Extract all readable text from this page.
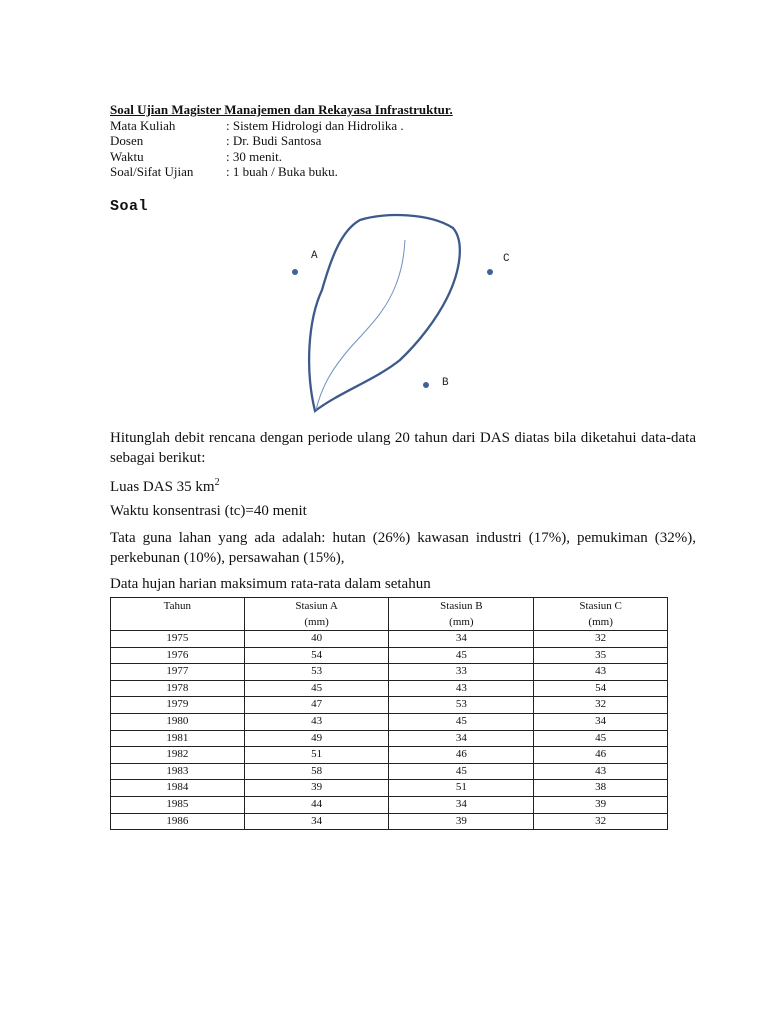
Soal Ujian Magister Manajemen dan Rekayasa Infrastruktur.
Mata Kuliah	: Sistem Hidrologi dan Hidrolika .
Dosen	: Dr. Budi Santosa
Waktu	: 30 menit.
Soal/Sifat Ujian	: 1 buah / Buka buku.
Soal
A	C
B

Hitunglah debit rencana dengan periode ulang 20 tahun dari DAS diatas bila diketahui data-data sebagai berikut:

Luas DAS 35 $km^2$

Waktu konsentrasi (tc)=40 menit

Tata guna lahan yang ada adalah: hutan (26%) kawasan industri (17%), pemukiman (32%), perkebunan (10%), persawahan (15%),

Data hujan harian maksimum rata-rata dalam setahun

Tahun	Stasiun A	Stasiun B	Stasiun C
	(mm)	(mm)	(mm)
1975	40	34	32
1976	54	45	35
1977	53	33	43
1978	45	43	54
1979	47	53	32
1980	43	45	34
1981	49	34	45
1982	51	46	46
1983	58	45	43
1984	39	51	38
1985	44	34	39
1986	34	39	32
